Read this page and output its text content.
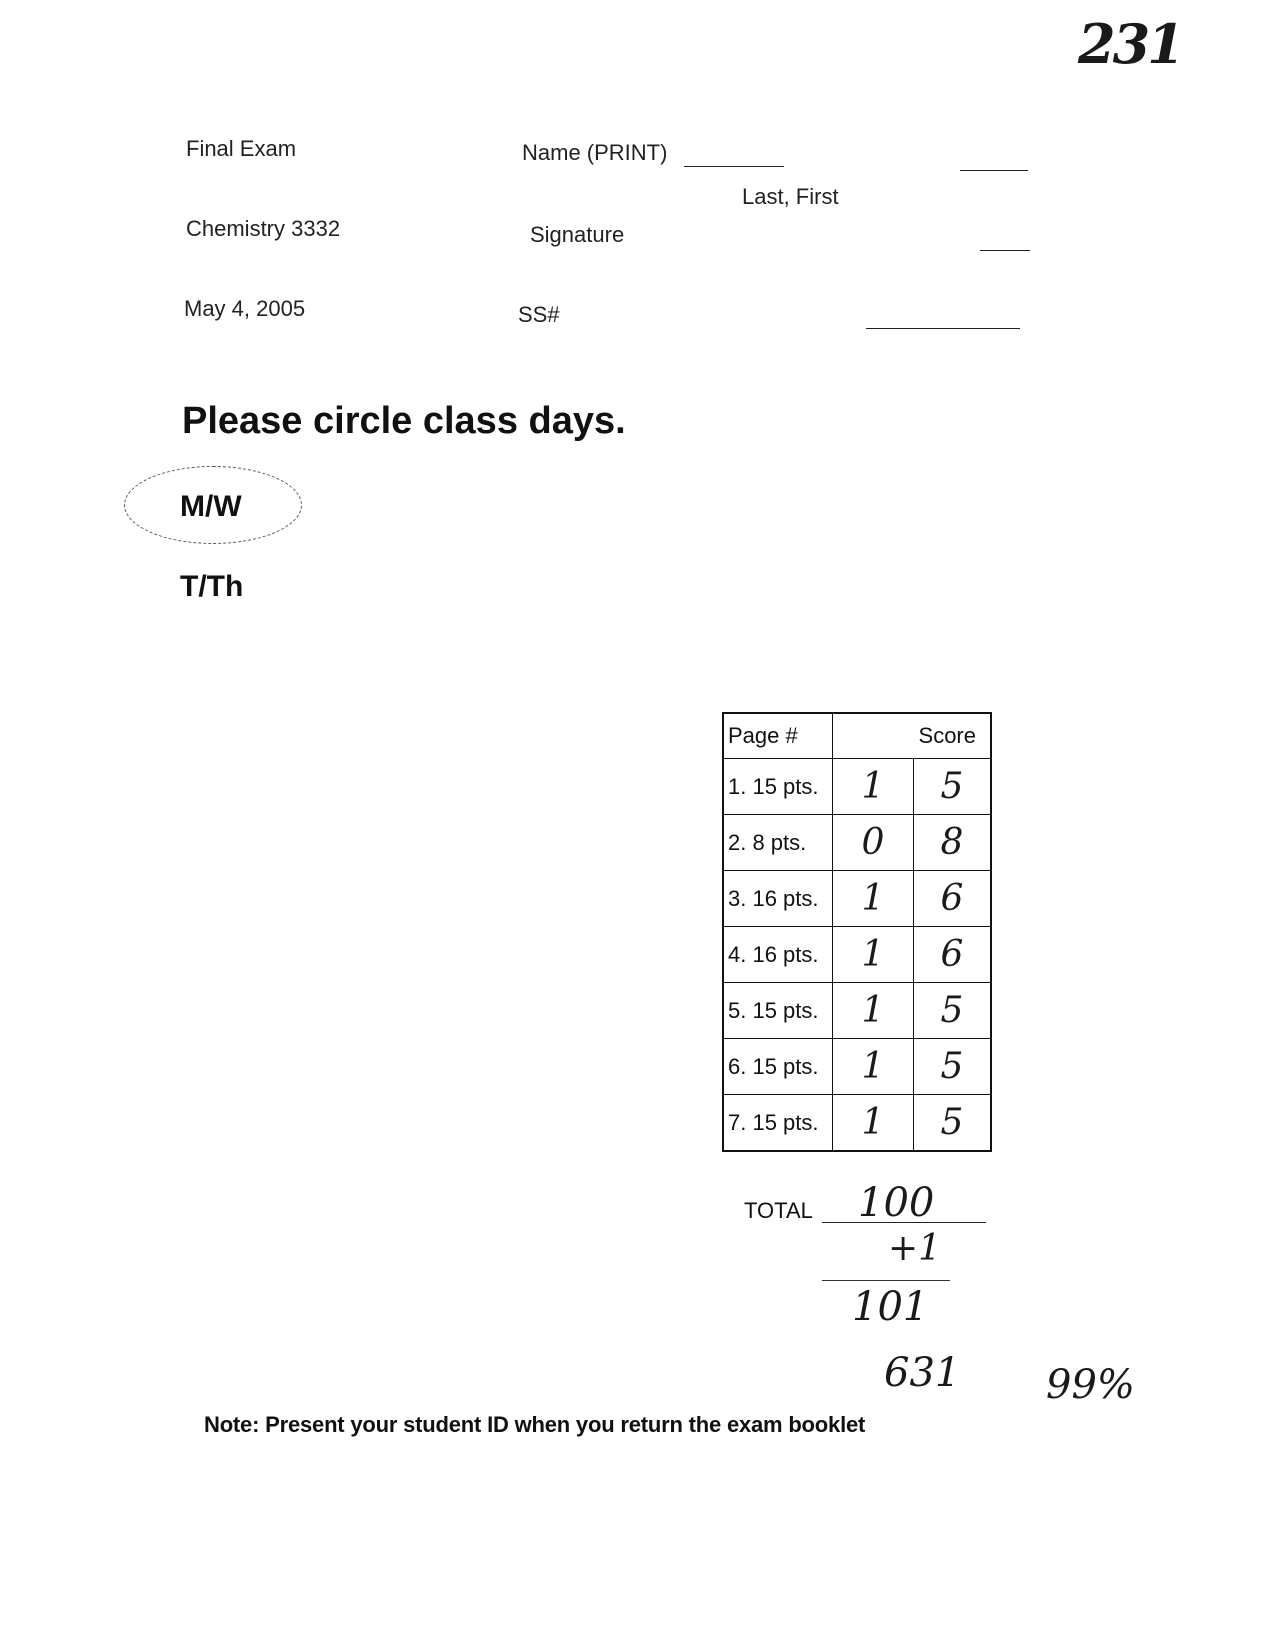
231
Final Exam
Chemistry 3332
May 4, 2005
Name (PRINT)
Last, First
Signature
SS#
Please circle class days.
M/W
T/Th
Page #	Score	
1. 15 pts.	1	5
2. 8 pts.	0	8
3. 16 pts.	1	6
4. 16 pts.	1	6
5. 15 pts.	1	5
6. 15 pts.	1	5
7. 15 pts.	1	5
TOTAL 100
+1
101
631 99%
Note: Present your student ID when you return the exam booklet
